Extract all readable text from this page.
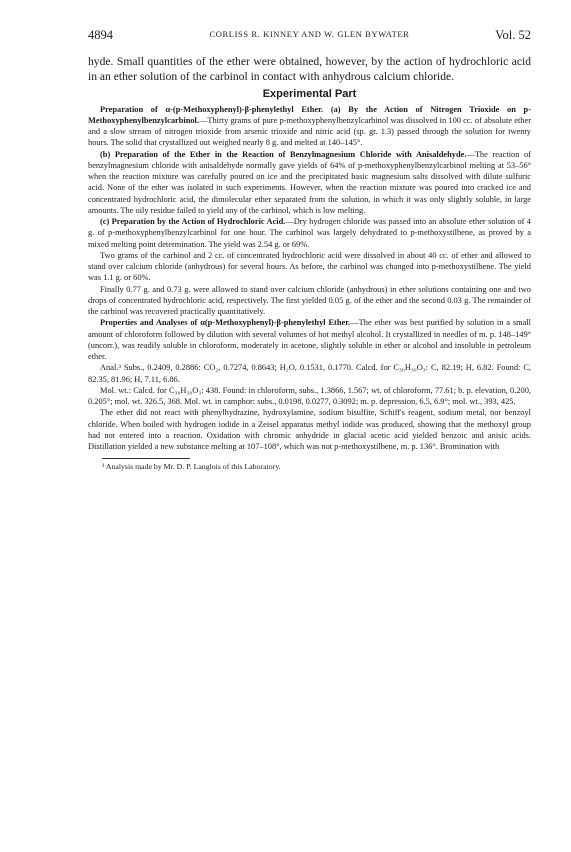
4894	CORLISS R. KINNEY AND W. GLEN BYWATER	Vol. 52

hyde. Small quantities of the ether were obtained, however, by the action of hydrochloric acid in an ether solution of the carbinol in contact with anhydrous calcium chloride.

Experimental Part

Preparation of α-(p-Methoxyphenyl)-β-phenylethyl Ether. (a) By the Action of Nitrogen Trioxide on p-Methoxyphenylbenzylcarbinol.—Thirty grams of pure p-methoxyphenylbenzylcarbinol was dissolved in 100 cc. of absolute ether and a slow stream of nitrogen trioxide from arsenic trioxide and nitric acid (sp. gr. 1.3) passed through the solution for twenty hours. The solid that crystallized out weighed nearly 8 g. and melted at 140–145°.

(b) Preparation of the Ether in the Reaction of Benzylmagnesium Chloride with Anisaldehyde.—The reaction of benzylmagnesium chloride with anisaldehyde normally gave yields of 64% of p-methoxyphenylbenzylcarbinol melting at 53–56° when the reaction mixture was carefully poured on ice and the precipitated basic magnesium salts dissolved with dilute sulfuric acid. None of the ether was isolated in such experiments. However, when the reaction mixture was poured into cracked ice and concentrated hydrochloric acid, the dimolecular ether separated from the solution, in which it was only slightly soluble, in large amounts. The oily residue failed to yield any of the carbinol, which is low melting.

(c) Preparation by the Action of Hydrochloric Acid.—Dry hydrogen chloride was passed into an absolute ether solution of 4 g. of p-methoxyphenylbenzylcarbinol for one hour. The carbinol was largely dehydrated to p-methoxystilbene, as proved by a mixed melting point determination. The yield was 2.54 g. or 69%.

Two grams of the carbinol and 2 cc. of concentrated hydrochloric acid were dissolved in about 40 cc. of ether and allowed to stand over calcium chloride (anhydrous) for several hours. As before, the carbinol was changed into p-methoxystilbene. The yield was 1.1 g. or 60%.

Finally 0.77 g. and 0.73 g. were allowed to stand over calcium chloride (anhydrous) in ether solutions containing one and two drops of concentrated hydrochloric acid, respectively. The first yielded 0.05 g. of the ether and the second 0.03 g. The remainder of the carbinol was recovered practically quantitatively.

Properties and Analyses of α(p-Methoxyphenyl)-β-phenylethyl Ether.—The ether was best purified by solution in a small amount of chloroform followed by dilution with several volumes of hot methyl alcohol. It crystallized in needles of m. p. 148–149° (uncorr.), was readily soluble in chloroform, moderately in acetone, slightly soluble in ether or alcohol and insoluble in petroleum ether.

Anal.³ Subs., 0.2409, 0.2886: CO₂, 0.7274, 0.8643; H₂O, 0.1531, 0.1770. Calcd. for C₃₀H₃₀O₃: C, 82.19; H, 6.82. Found: C, 82.35, 81.96; H, 7.11, 6.86.

Mol. wt.: Calcd. for C₃₀H₃₀O₃: 438. Found: in chloroform, subs., 1.3866, 1.567; wt. of chloroform, 77.61; b. p. elevation, 0.200, 0.205°; mol. wt. 326.5, 368. Mol. wt. in camphor: subs., 0.0198, 0.0277, 0.3092; m. p. depression, 6.5, 6.9°; mol. wt., 393, 425.

The ether did not react with phenylhydrazine, hydroxylamine, sodium bisulfite, Schiff's reagent, sodium metal, nor benzoyl chloride. When boiled with hydrogen iodide in a Zeisel apparatus methyl iodide was produced, showing that the methoxyl group had not entered into a reaction. Oxidation with chromic anhydride in glacial acetic acid yielded benzoic and anisic acids. Distillation yielded a new substance melting at 107–108°, which was not p-methoxystilbene, m. p. 136°. Bromination with

³ Analysis made by Mr. D. P. Langlois of this Laboratory.
